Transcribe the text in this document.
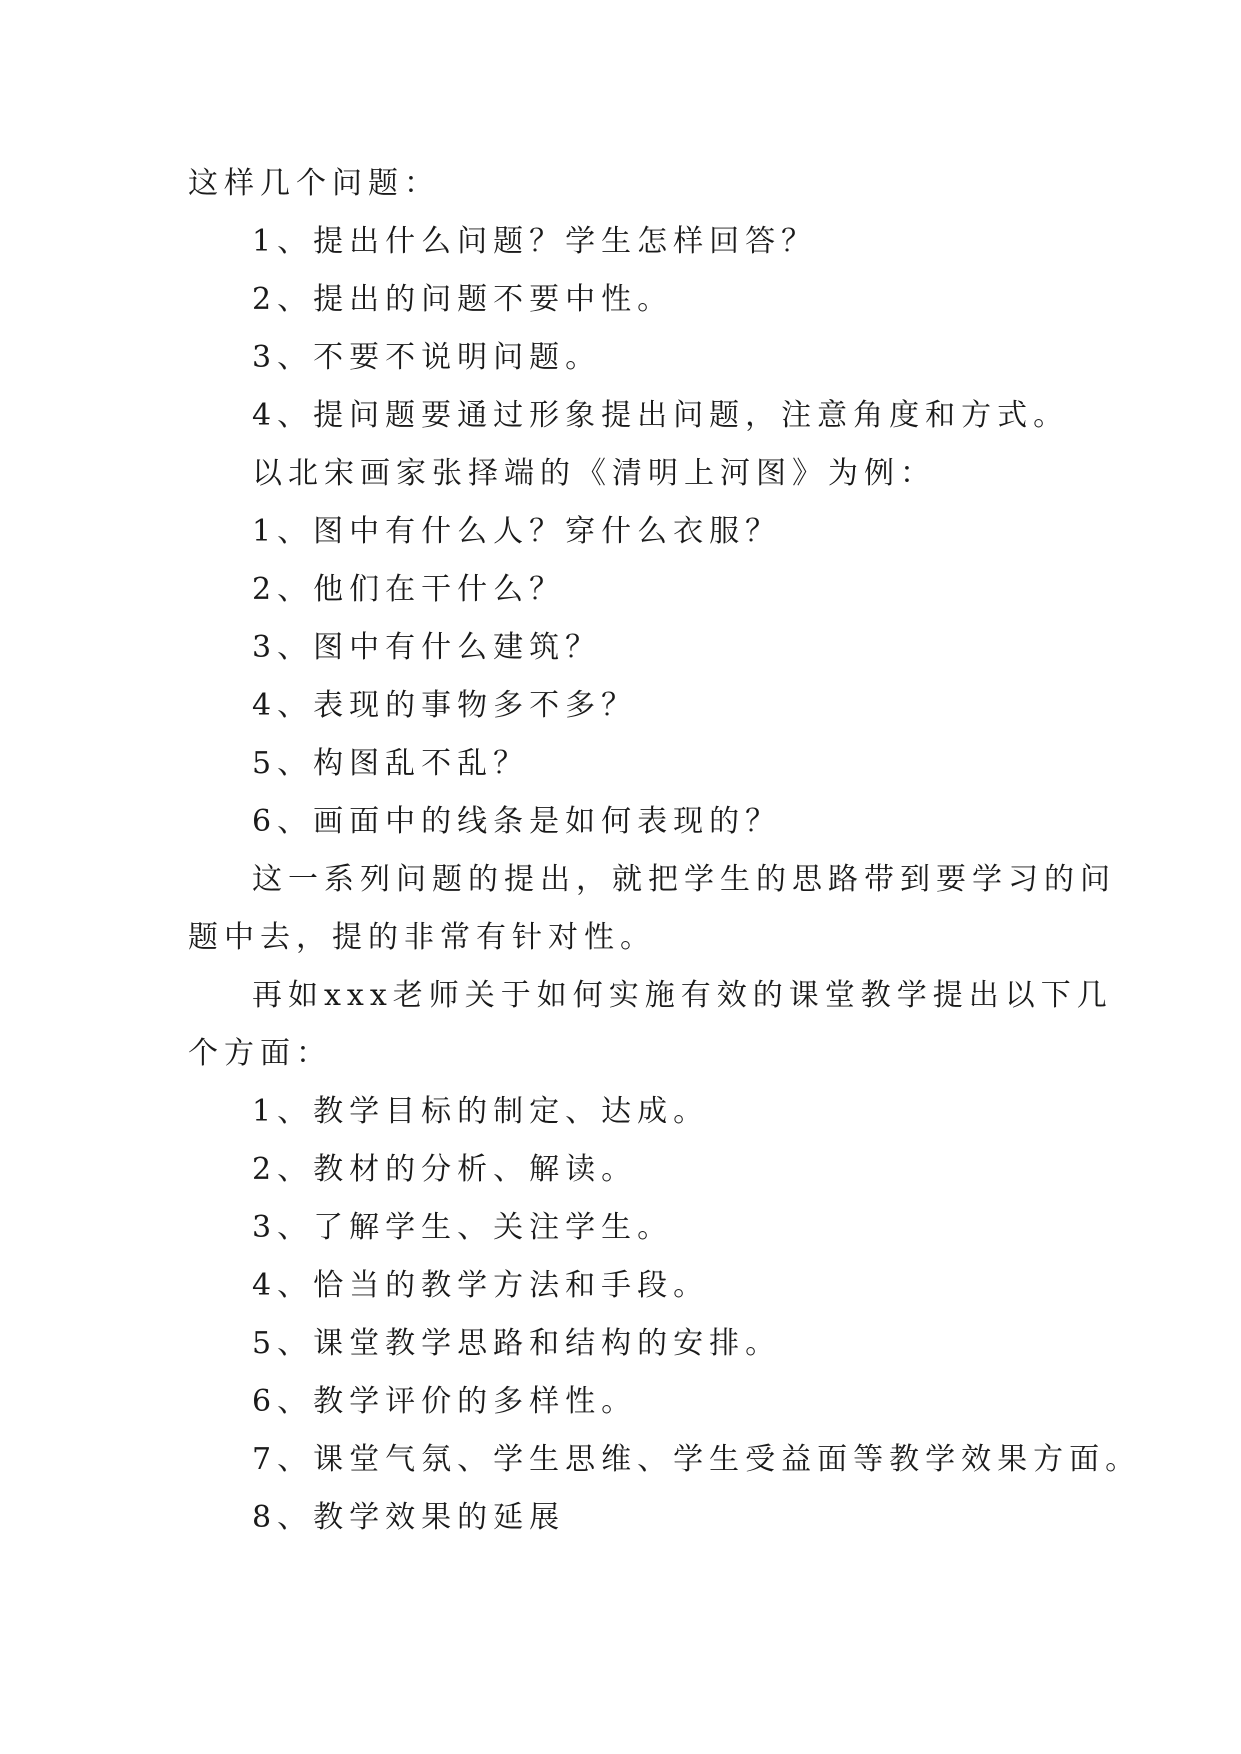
这样几个问题：

1、提出什么问题？学生怎样回答？

2、提出的问题不要中性。

3、不要不说明问题。

4、提问题要通过形象提出问题，注意角度和方式。

以北宋画家张择端的《清明上河图》为例：

1、图中有什么人？穿什么衣服？

2、他们在干什么？

3、图中有什么建筑？

4、表现的事物多不多？

5、构图乱不乱？

6、画面中的线条是如何表现的？

这一系列问题的提出，就把学生的思路带到要学习的问

题中去，提的非常有针对性。

再如xxx老师关于如何实施有效的课堂教学提出以下几

个方面：

1、教学目标的制定、达成。

2、教材的分析、解读。

3、了解学生、关注学生。

4、恰当的教学方法和手段。

5、课堂教学思路和结构的安排。

6、教学评价的多样性。

7、课堂气氛、学生思维、学生受益面等教学效果方面。

8、教学效果的延展
